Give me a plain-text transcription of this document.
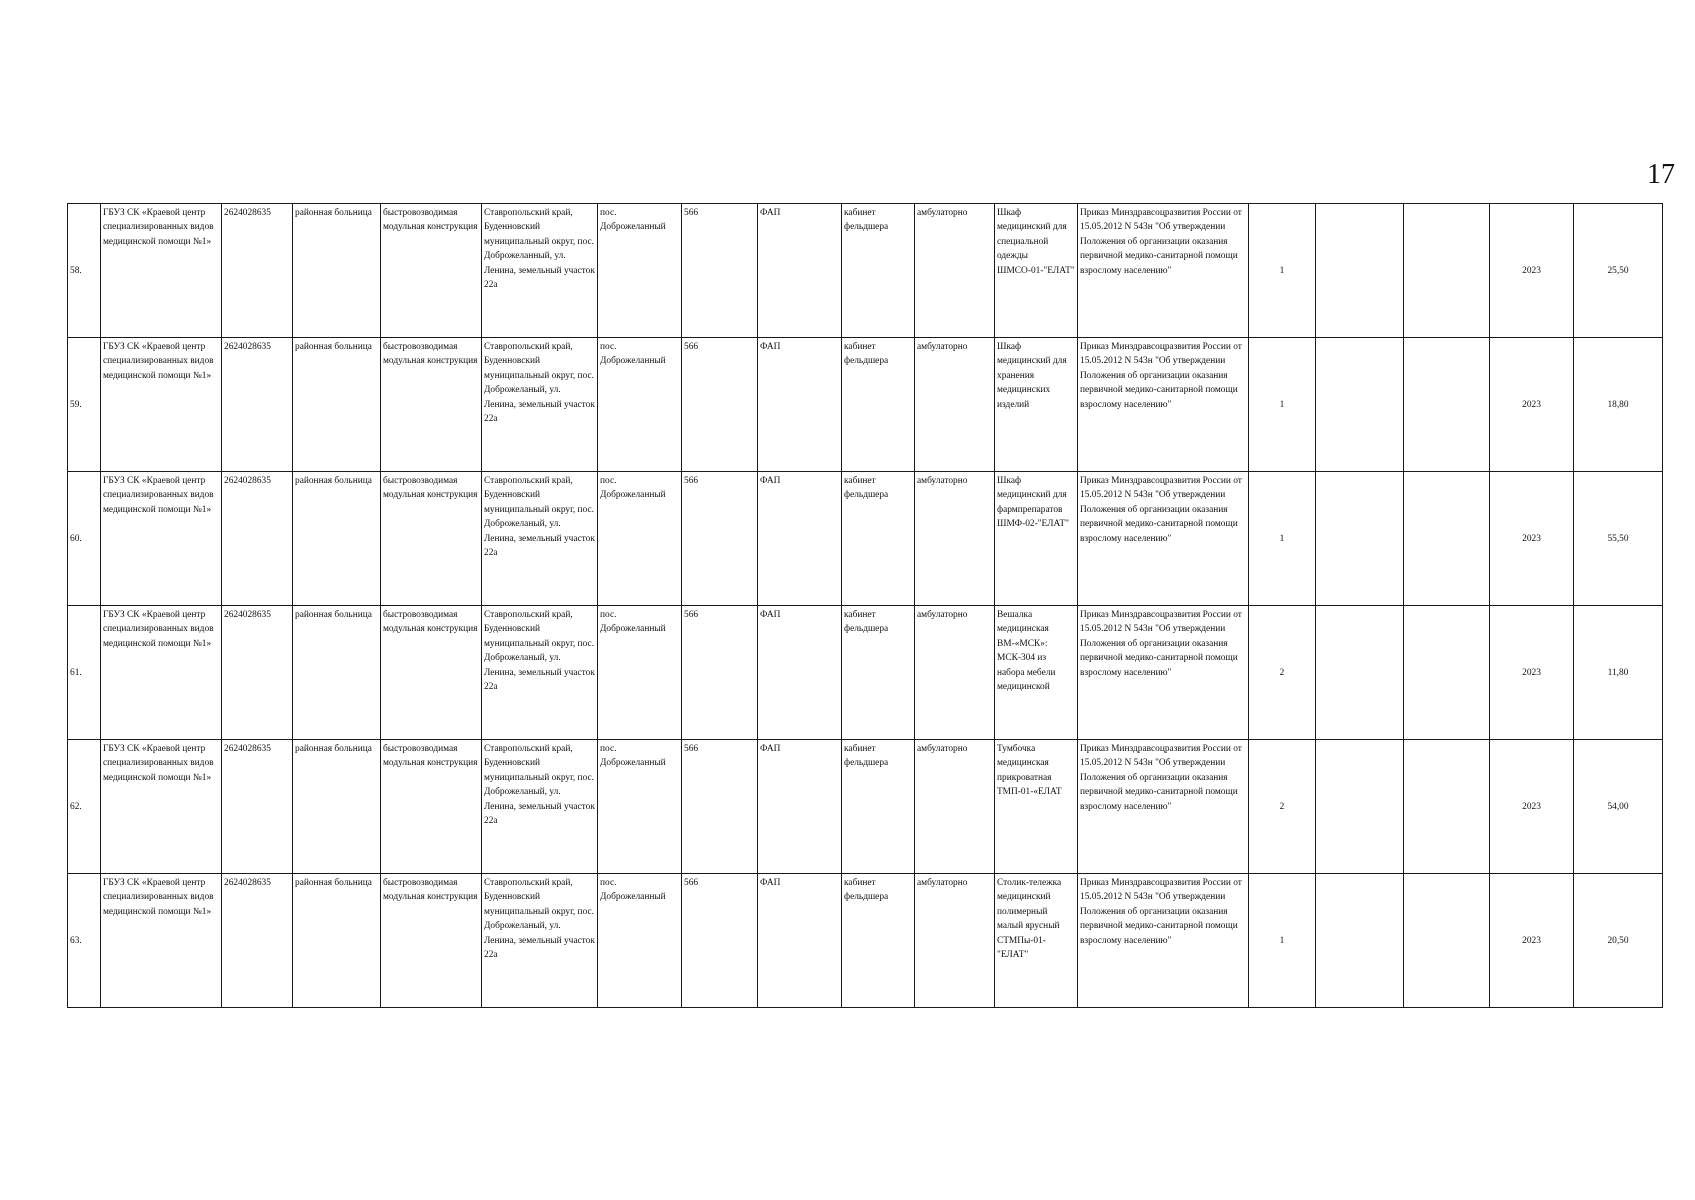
17
58.	ГБУЗ СК «Краевой центр специализированных видов медицинской помощи №1»	2624028635	районная больница	быстровозводимая модульная конструкция	Ставропольский край, Буденновский муниципальный округ, пос. Доброжеланный, ул. Ленина, земельный участок 22а	пос. Доброжеланный	566	ФАП	кабинет фельдшера	амбулаторно	Шкаф медицинский для специальной одежды ШМСО-01-"ЕЛАТ"	Приказ Минздравсоцразвития России от 15.05.2012 N 543н "Об утверждении Положения об организации оказания первичной медико-санитарной помощи взрослому населению"	1			2023	25,50
59.	ГБУЗ СК «Краевой центр специализированных видов медицинской помощи №1»	2624028635	районная больница	быстровозводимая модульная конструкция	Ставропольский край, Буденновский муниципальный округ, пос. Доброжеланый, ул. Ленина, земельный участок 22а	пос. Доброжеланный	566	ФАП	кабинет фельдшера	амбулаторно	Шкаф медицинский для хранения медицинских изделий	Приказ Минздравсоцразвития России от 15.05.2012 N 543н "Об утверждении Положения об организации оказания первичной медико-санитарной помощи взрослому населению"	1			2023	18,80
60.	ГБУЗ СК «Краевой центр специализированных видов медицинской помощи №1»	2624028635	районная больница	быстровозводимая модульная конструкция	Ставропольский край, Буденновский муниципальный округ, пос. Доброжеланый, ул. Ленина, земельный участок 22а	пос. Доброжеланный	566	ФАП	кабинет фельдшера	амбулаторно	Шкаф медицинский для фармпрепаратов ШМФ-02-"ЕЛАТ"	Приказ Минздравсоцразвития России от 15.05.2012 N 543н "Об утверждении Положения об организации оказания первичной медико-санитарной помощи взрослому населению"	1			2023	55,50
61.	ГБУЗ СК «Краевой центр специализированных видов медицинской помощи №1»	2624028635	районная больница	быстровозводимая модульная конструкция	Ставропольский край, Буденновский муниципальный округ, пос. Доброжеланый, ул. Ленина, земельный участок 22а	пос. Доброжеланный	566	ФАП	кабинет фельдшера	амбулаторно	Вешалка медицинская ВМ-«МСК»: МСК-304 из набора мебели медицинской	Приказ Минздравсоцразвития России от 15.05.2012 N 543н "Об утверждении Положения об организации оказания первичной медико-санитарной помощи взрослому населению"	2			2023	11,80
62.	ГБУЗ СК «Краевой центр специализированных видов медицинской помощи №1»	2624028635	районная больница	быстровозводимая модульная конструкция	Ставропольский край, Буденновский муниципальный округ, пос. Доброжеланый, ул. Ленина, земельный участок 22а	пос. Доброжеланный	566	ФАП	кабинет фельдшера	амбулаторно	Тумбочка медицинская прикроватная ТМП-01-«ЕЛАТ	Приказ Минздравсоцразвития России от 15.05.2012 N 543н "Об утверждении Положения об организации оказания первичной медико-санитарной помощи взрослому населению"	2			2023	54,00
63.	ГБУЗ СК «Краевой центр специализированных видов медицинской помощи №1»	2624028635	районная больница	быстровозводимая модульная конструкция	Ставропольский край, Буденновский муниципальный округ, пос. Доброжеланый, ул. Ленина, земельный участок 22а	пос. Доброжеланный	566	ФАП	кабинет фельдшера	амбулаторно	Столик-тележка медицинский полимерный малый ярусный СТМПы-01-"ЕЛАТ"	Приказ Минздравсоцразвития России от 15.05.2012 N 543н "Об утверждении Положения об организации оказания первичной медико-санитарной помощи взрослому населению"	1			2023	20,50
